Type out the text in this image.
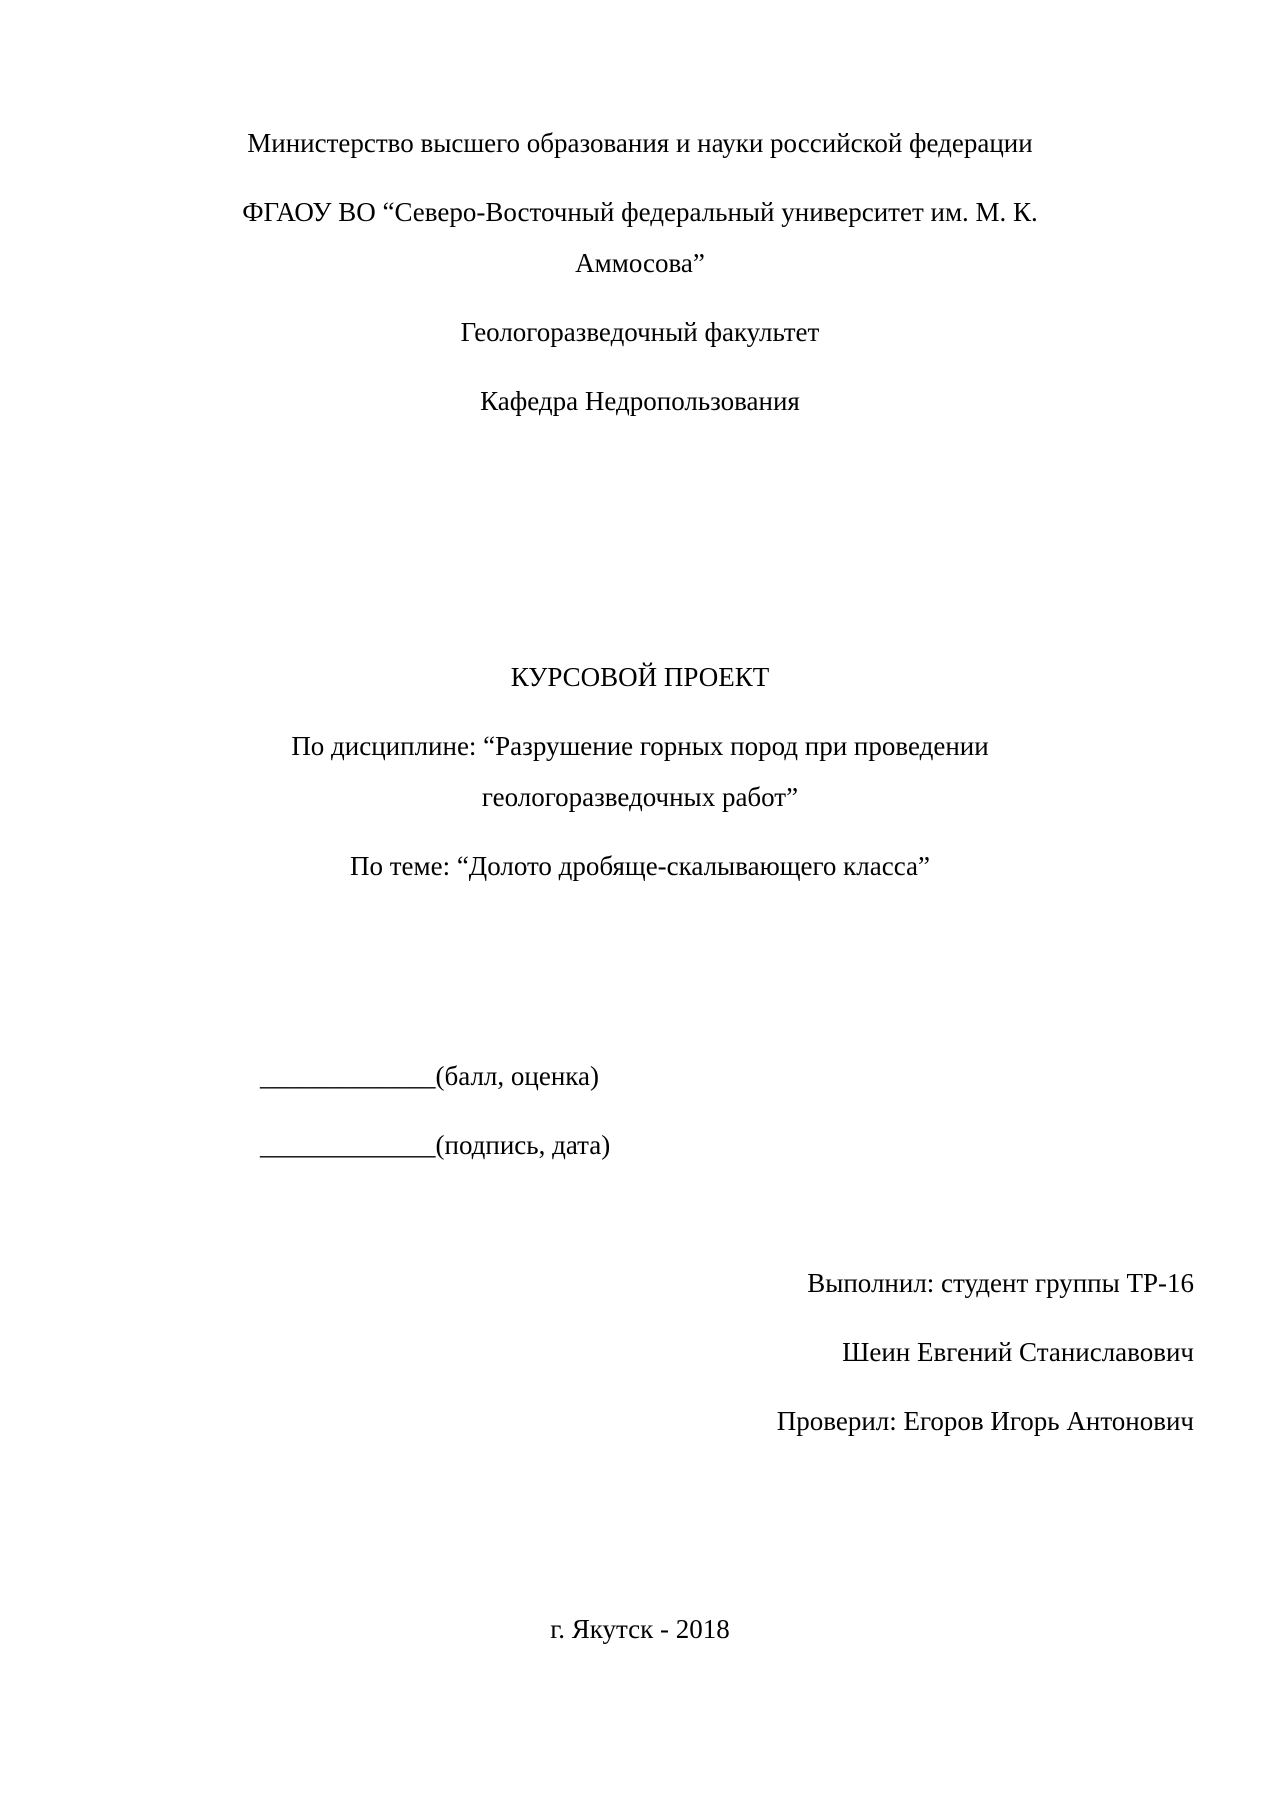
Министерство высшего образования и науки российской федерации
ФГАОУ ВО “Северо-Восточный федеральный университет им. М. К.
Аммосова”
Геологоразведочный факультет
Кафедра Недропользования
КУРСОВОЙ ПРОЕКТ
По дисциплине: “Разрушение горных пород при проведении
геологоразведочных работ”
По теме: “Долото дробяще-скалывающего класса”
_____________(балл, оценка)
_____________(подпись, дата)
Выполнил: студент группы ТР-16
Шеин Евгений Станиславович
Проверил: Егоров Игорь Антонович
г. Якутск - 2018
